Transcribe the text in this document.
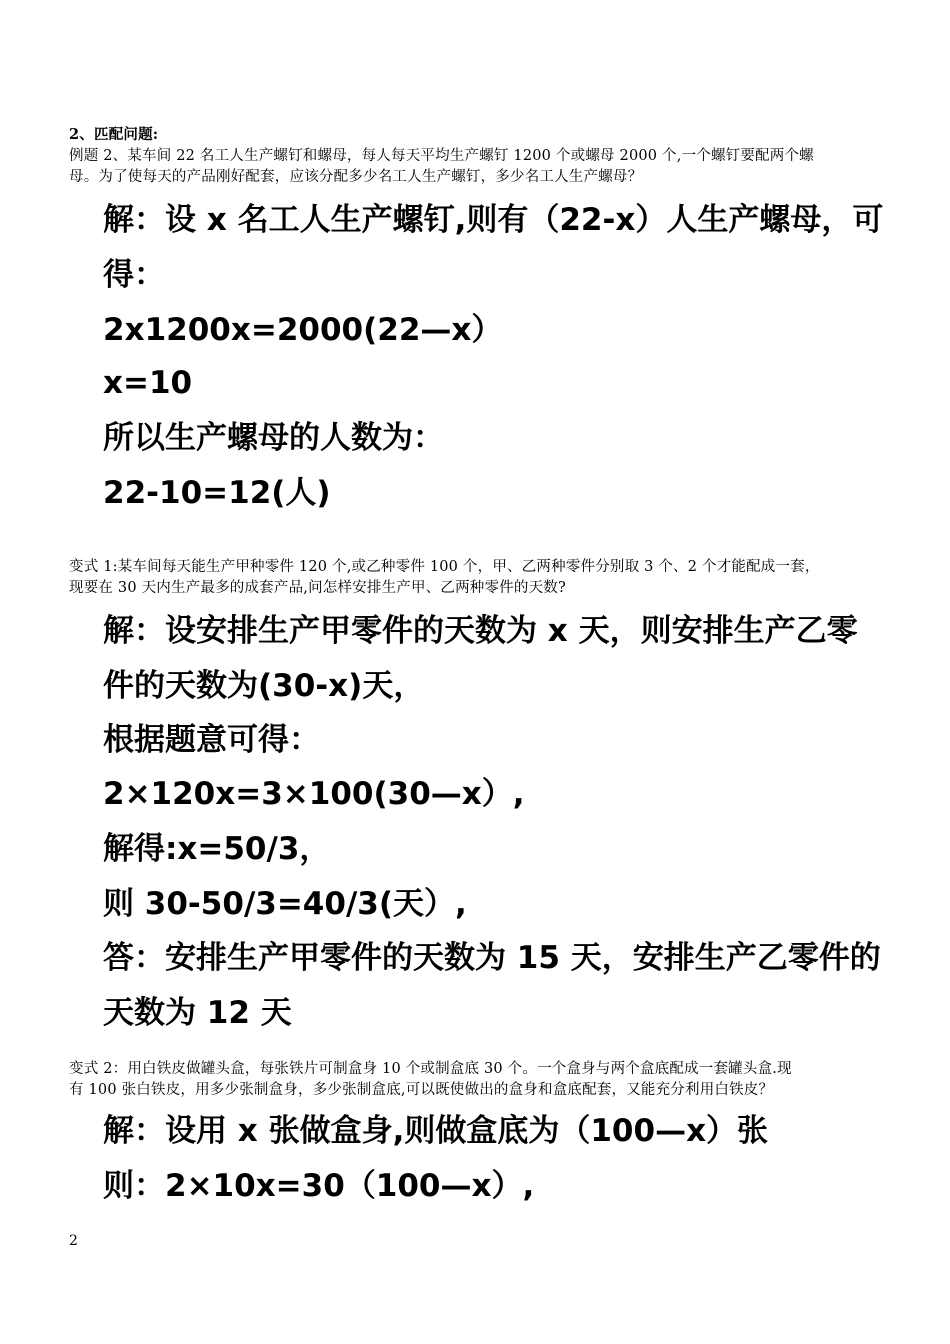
2、匹配问题:
例题 2、某车间 22 名工人生产螺钉和螺母，每人每天平均生产螺钉 1200 个或螺母 2000 个,一个螺钉要配两个螺
母。为了使每天的产品刚好配套，应该分配多少名工人生产螺钉，多少名工人生产螺母？
解：设 x 名工人生产螺钉,则有（22-x）人生产螺母，可
得：
2x1200x=2000(22—x）
x=10
所以生产螺母的人数为：
22-10=12(人)
变式 1:某车间每天能生产甲种零件 120 个,或乙种零件 100 个，甲、乙两种零件分别取 3 个、2 个才能配成一套，
现要在 30 天内生产最多的成套产品,问怎样安排生产甲、乙两种零件的天数?
解：设安排生产甲零件的天数为 x 天，则安排生产乙零
件的天数为(30-x)天，
根据题意可得：
2×120x=3×100(30—x）,
解得:x=50/3，
则 30-50/3=40/3(天）,
答：安排生产甲零件的天数为 15 天，安排生产乙零件的
天数为 12 天
变式 2：用白铁皮做罐头盒，每张铁片可制盒身 10 个或制盒底 30 个。一个盒身与两个盒底配成一套罐头盒.现
有 100 张白铁皮，用多少张制盒身，多少张制盒底,可以既使做出的盒身和盒底配套，又能充分利用白铁皮？
解：设用 x 张做盒身,则做盒底为（100—x）张
则：2×10x=30（100—x）,
2
